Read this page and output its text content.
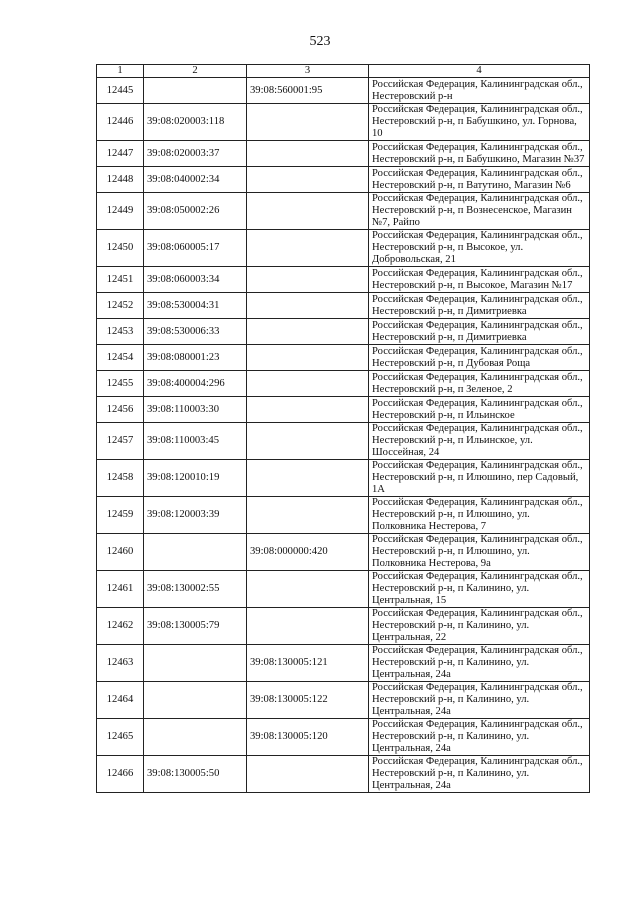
523
1	2	3	4
12445		39:08:560001:95	Российская Федерация, Калининградская обл., Нестеровский р-н
12446	39:08:020003:118		Российская Федерация, Калининградская обл., Нестеровский р-н, п Бабушкино, ул. Горнова, 10
12447	39:08:020003:37		Российская Федерация, Калининградская обл., Нестеровский р-н, п Бабушкино, Магазин №37
12448	39:08:040002:34		Российская Федерация, Калининградская обл., Нестеровский р-н, п Ватутино, Магазин №6
12449	39:08:050002:26		Российская Федерация, Калининградская обл., Нестеровский р-н, п Вознесенское, Магазин №7, Райпо
12450	39:08:060005:17		Российская Федерация, Калининградская обл., Нестеровский р-н, п Высокое, ул. Добровольская, 21
12451	39:08:060003:34		Российская Федерация, Калининградская обл., Нестеровский р-н, п Высокое, Магазин №17
12452	39:08:530004:31		Российская Федерация, Калининградская обл., Нестеровский р-н, п Димитриевка
12453	39:08:530006:33		Российская Федерация, Калининградская обл., Нестеровский р-н, п Димитриевка
12454	39:08:080001:23		Российская Федерация, Калининградская обл., Нестеровский р-н, п Дубовая Роща
12455	39:08:400004:296		Российская Федерация, Калининградская обл., Нестеровский р-н, п Зеленое, 2
12456	39:08:110003:30		Российская Федерация, Калининградская обл., Нестеровский р-н, п Ильинское
12457	39:08:110003:45		Российская Федерация, Калининградская обл., Нестеровский р-н, п Ильинское, ул. Шоссейная, 24
12458	39:08:120010:19		Российская Федерация, Калининградская обл., Нестеровский р-н, п Илюшино, пер Садовый, 1А
12459	39:08:120003:39		Российская Федерация, Калининградская обл., Нестеровский р-н, п Илюшино, ул. Полковника Нестерова, 7
12460		39:08:000000:420	Российская Федерация, Калининградская обл., Нестеровский р-н, п Илюшино, ул. Полковника Нестерова, 9а
12461	39:08:130002:55		Российская Федерация, Калининградская обл., Нестеровский р-н, п Калинино, ул. Центральная, 15
12462	39:08:130005:79		Российская Федерация, Калининградская обл., Нестеровский р-н, п Калинино, ул. Центральная, 22
12463		39:08:130005:121	Российская Федерация, Калининградская обл., Нестеровский р-н, п Калинино, ул. Центральная, 24а
12464		39:08:130005:122	Российская Федерация, Калининградская обл., Нестеровский р-н, п Калинино, ул. Центральная, 24а
12465		39:08:130005:120	Российская Федерация, Калининградская обл., Нестеровский р-н, п Калинино, ул. Центральная, 24а
12466	39:08:130005:50		Российская Федерация, Калининградская обл., Нестеровский р-н, п Калинино, ул. Центральная, 24а
